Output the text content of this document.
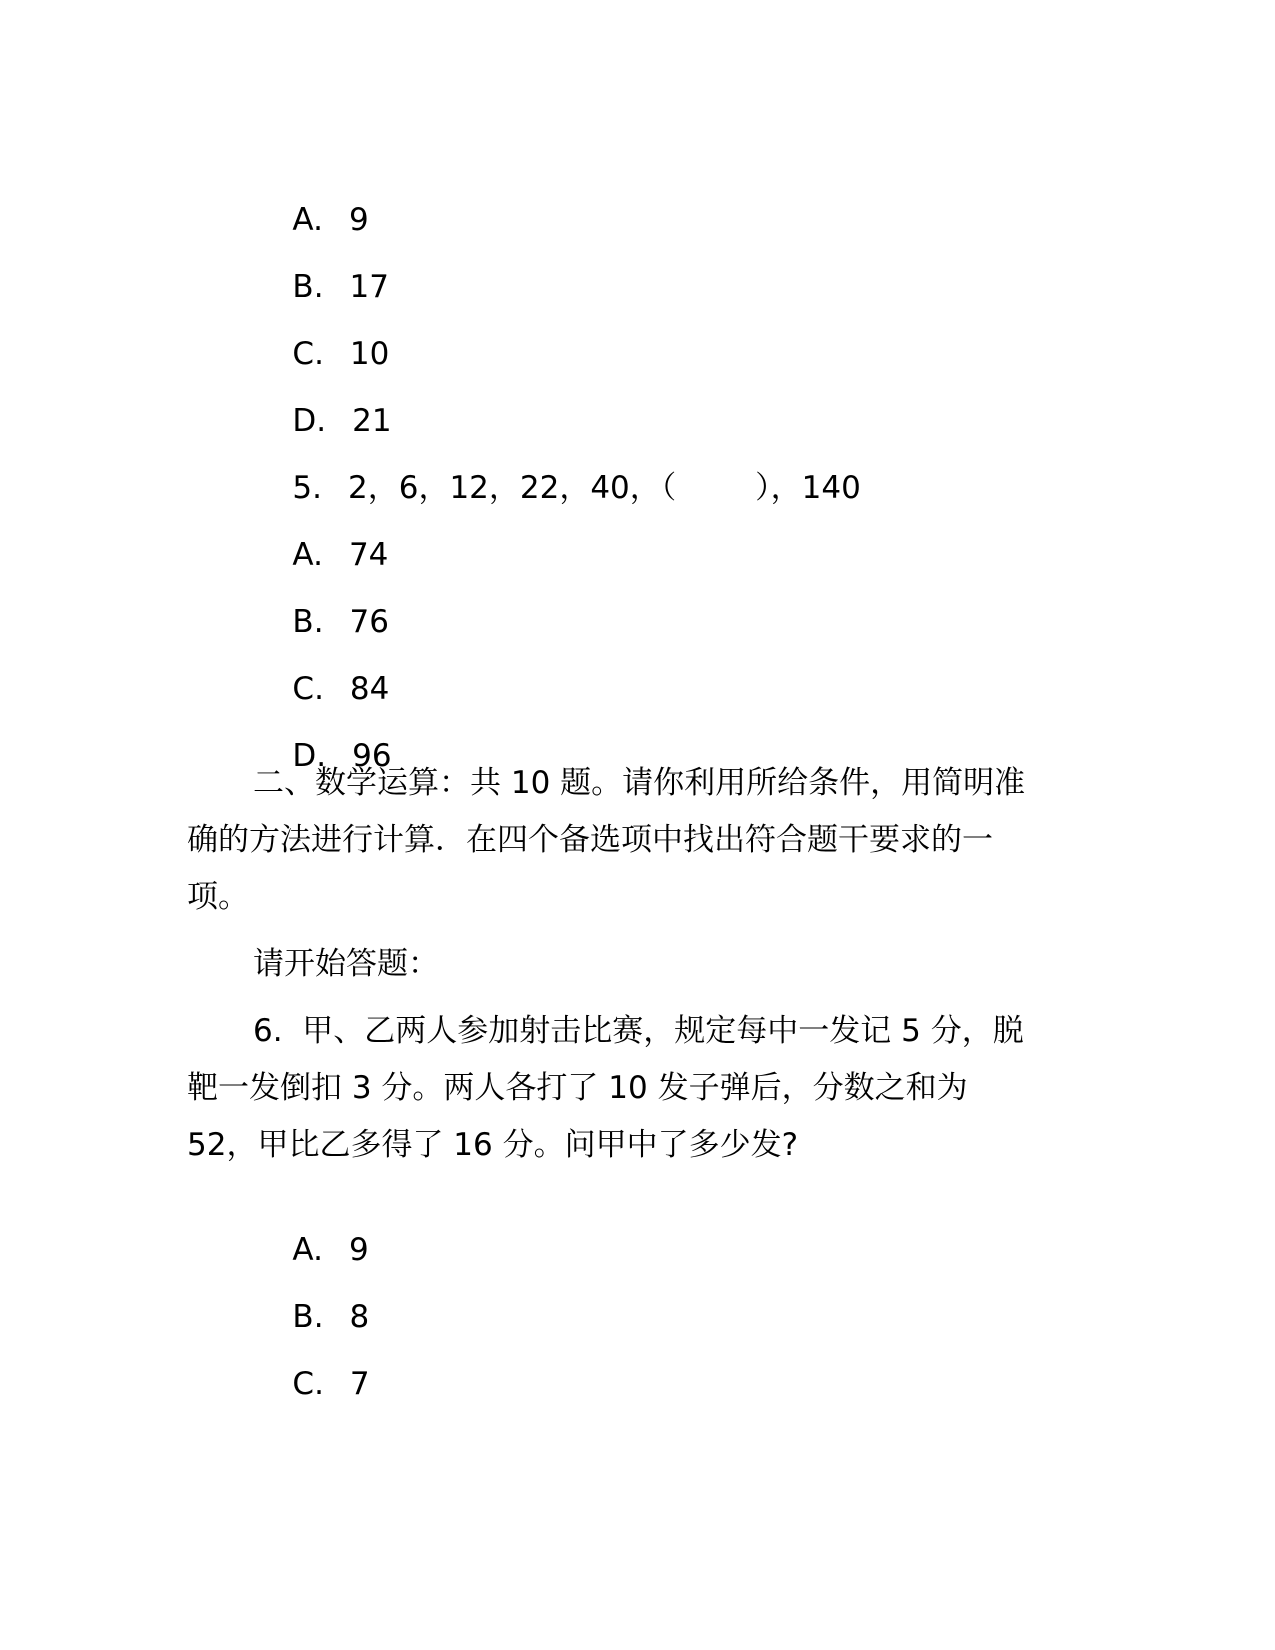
A. 9

B. 17

C. 10

D. 21

5. 2，6，12，22，40，（        ），140

A. 74

B. 76

C. 84

D. 96

二、数学运算：共 10 题。请你利用所给条件，用简明准
确的方法进行计算．在四个备选项中找出符合题干要求的一
项。
请开始答题：
6.  甲、乙两人参加射击比赛，规定每中一发记 5 分，脱
靶一发倒扣 3 分。两人各打了 10 发子弹后，分数之和为
52，甲比乙多得了 16 分。问甲中了多少发?

A. 9

B. 8

C. 7
